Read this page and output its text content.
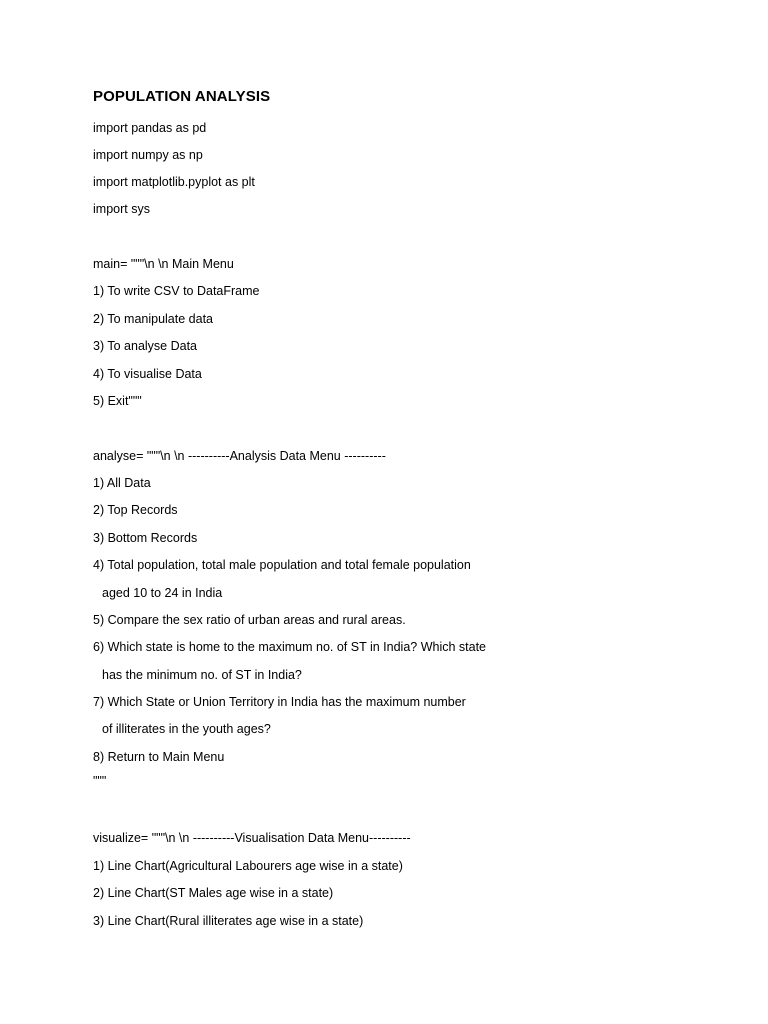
POPULATION ANALYSIS
import pandas as pd
import numpy as np
import matplotlib.pyplot as plt
import sys
main= """\n \n Main Menu
1) To write CSV to DataFrame
2) To manipulate data
3) To analyse Data
4) To visualise Data
5) Exit"""
analyse= """\n \n ----------Analysis Data Menu ----------
1) All Data
2) Top Records
3) Bottom Records
4) Total population, total male population and total female population
aged 10 to 24 in India
5) Compare the sex ratio of urban areas and rural areas.
6) Which state is home to the maximum no. of ST in India? Which state
has the minimum no. of ST in India?
7) Which State or Union Territory in India has the maximum number
of illiterates in the youth ages?
8) Return to Main Menu
"""
visualize= """\n \n ----------Visualisation Data Menu----------
1) Line Chart(Agricultural Labourers age wise in a state)
2) Line Chart(ST Males age wise in a state)
3) Line Chart(Rural illiterates age wise in a state)
